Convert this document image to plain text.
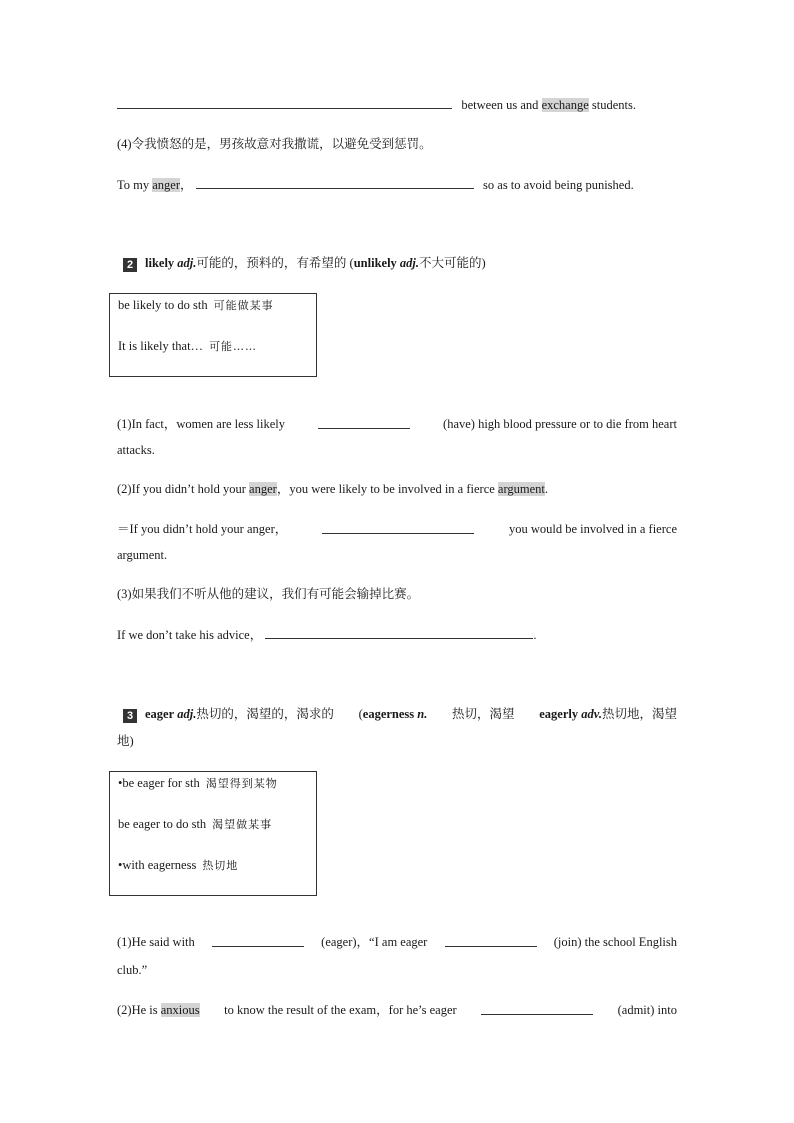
between us and exchange students.
(4)令我愤怒的是，男孩故意对我撒谎，以避免受到惩罚。
To my anger，	so as to avoid being punished.
2 likely adj.可能的，预料的，有希望的 (unlikely adj.不大可能的)
be likely to do sth 可能做某事
It is likely that… 可能……
(1)In fact，women are less likely	(have) high blood pressure or to die from heart
attacks.
(2)If you didn’t hold your anger，you were likely to be involved in a fierce argument.
＝If you didn’t hold your anger，	you would be involved in a fierce
argument.
(3)如果我们不听从他的建议，我们有可能会输掉比赛。
If we don’t take his advice，	.
3 eager adj.热切的，渴望的，渴求的 (eagerness n. 热切，渴望 eagerly adv.热切地，渴望
地)
•be eager for sth 渴望得到某物
be eager to do sth 渴望做某事
•with eagerness 热切地
(1)He said with	(eager)，“I am eager	(join) the school English
club.”
(2)He is anxious to know the result of the exam，for he’s eager	(admit) into
